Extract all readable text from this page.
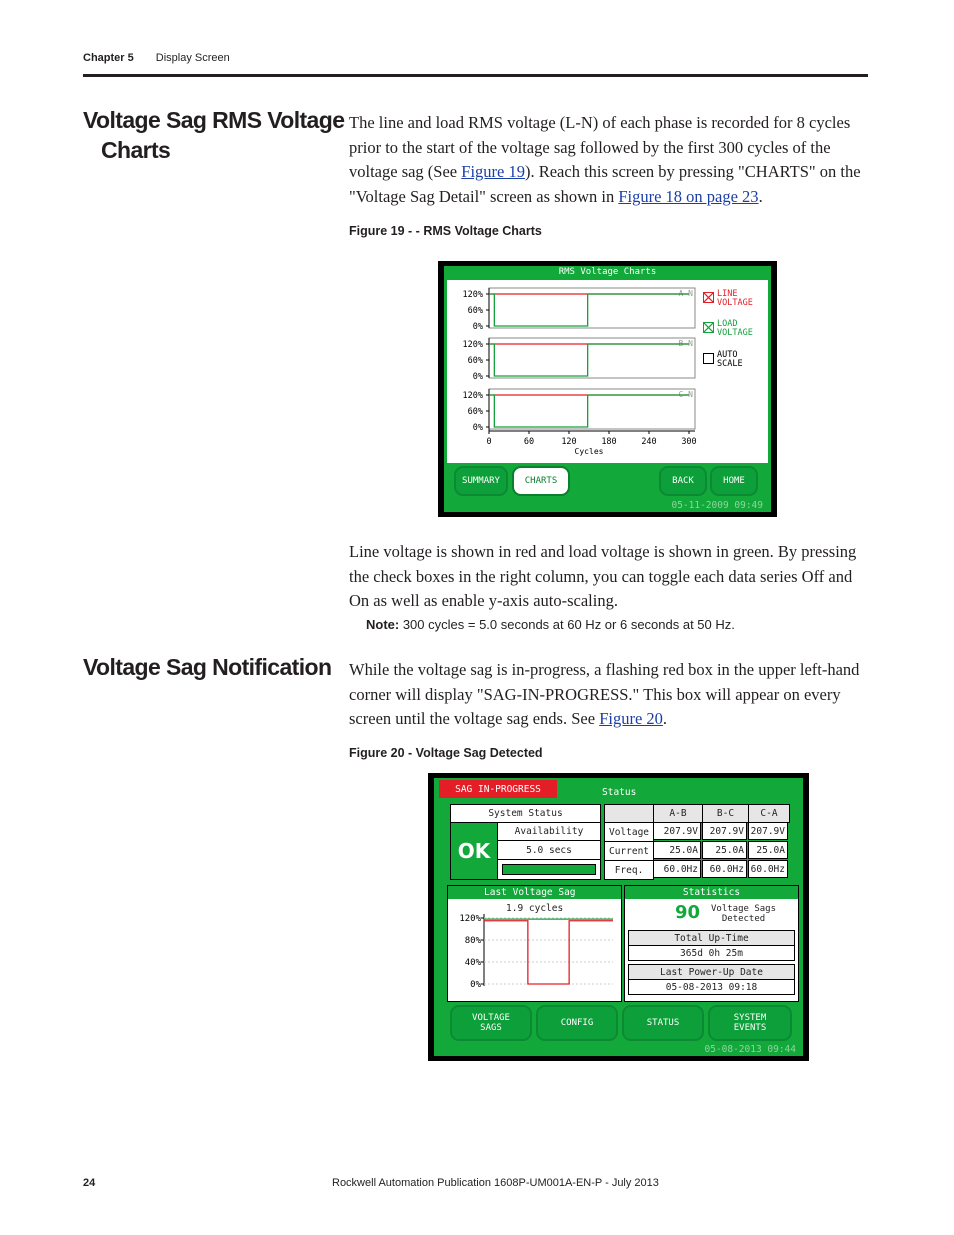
Chapter 5 Display Screen
Voltage Sag RMS Voltage
Charts
The line and load RMS voltage (L-N) of each phase is recorded for 8 cycles prior to the start of the voltage sag followed by the first 300 cycles of the voltage sag (See Figure 19). Reach this screen by pressing "CHARTS" on the "Voltage Sag Detail" screen as shown in Figure 18 on page 23.
Figure 19 - - RMS Voltage Charts
RMS Voltage Charts
120%
60%
0%
A-N
120%
60%
0%
B-N
120%
60%
0%
C-N
0	60	120	180	240	300
Cycles
LINE
VOLTAGE
LOAD
VOLTAGE
AUTO
SCALE
SUMMARY	CHARTS	BACK	HOME
05-11-2009 09:49
Line voltage is shown in red and load voltage is shown in green. By pressing the check boxes in the right column, you can toggle each data series Off and On as well as enable y-axis auto-scaling.
Note: 300 cycles = 5.0 seconds at 60 Hz or 6 seconds at 50 Hz.
Voltage Sag Notification While the voltage sag is in-progress, a flashing red box in the upper left-hand corner will display "SAG-IN-PROGRESS." This box will appear on every screen until the voltage sag ends. See Figure 20.
Figure 20 - Voltage Sag Detected
SAG IN-PROGRESS	Status
System Status
OK
Availability
5.0 secs
A-B	B-C	C-A
Voltage	207.9V	207.9V 207.9V
Current	25.0A	25.0A	25.0A
Freq.	60.0Hz	60.0Hz 60.0Hz
Last Voltage Sag
1.9 cycles
120%
80%
40%
0%
Statistics
90 Voltage Sags
Detected
Total Up-Time
365d 0h 25m
Last Power-Up Date
05-08-2013 09:18
VOLTAGE
SAGS	CONFIG	STATUS	SYSTEM
EVENTS
05-08-2013 09:44
24	Rockwell Automation Publication 1608P-UM001A-EN-P - July 2013
